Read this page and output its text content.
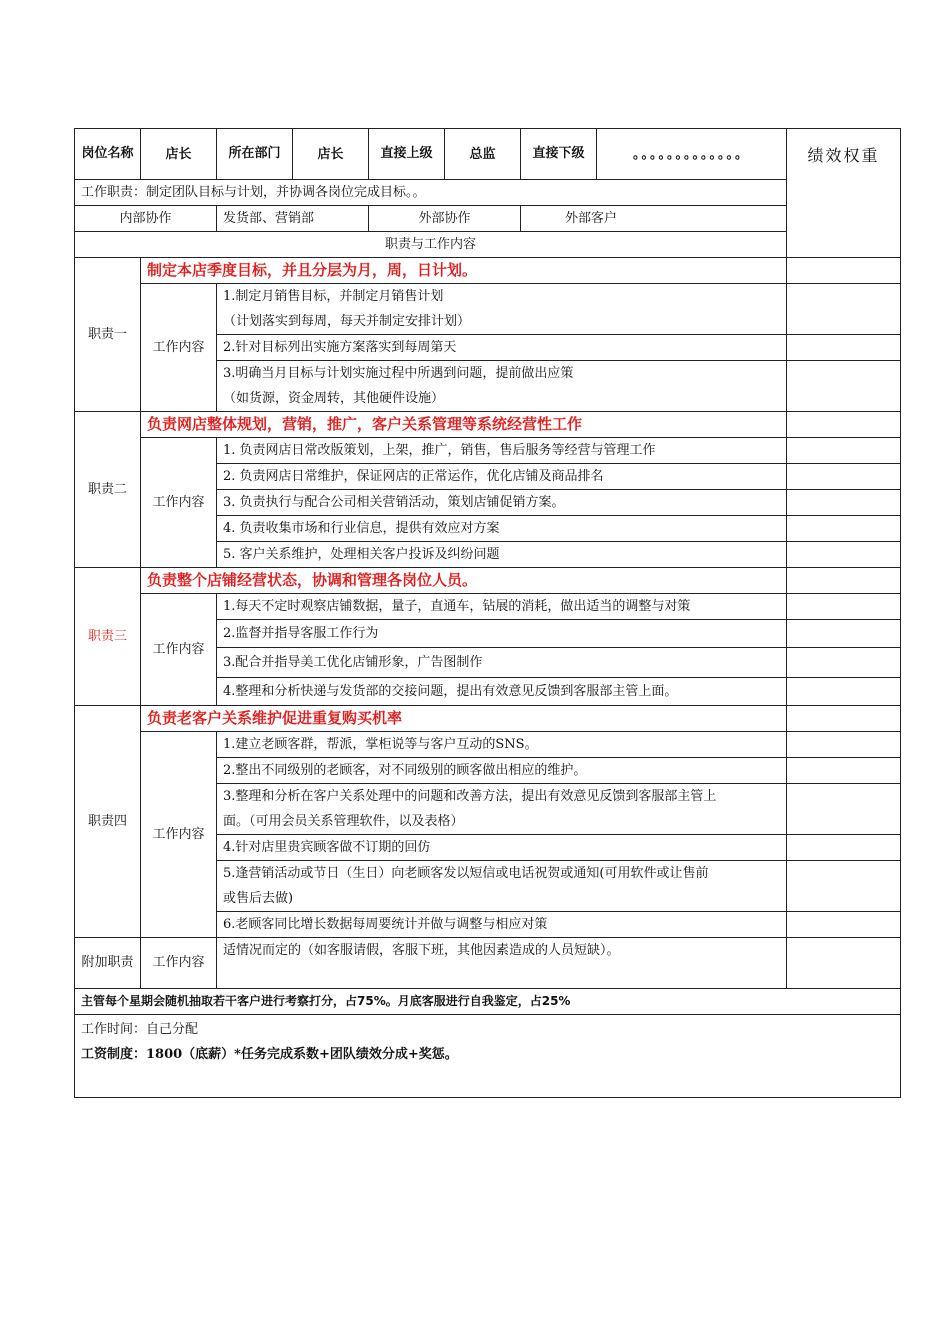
岗位名称	店长	所在部门	店长	直接上级	总监	直接下级	。。。。。。。。。。。。。	绩效权重
工作职责：制定团队目标与计划，并协调各岗位完成目标。。								
内部协作		发货部、营销部		外部协作		外部客户		
职责与工作内容								
职责一	制定本店季度目标，并且分层为月，周，日计划。							
	工作内容	1.制定月销售目标，并制定月销售计划
（计划落实到每周，每天并制定安排计划）						
		2.针对目标列出实施方案落实到每周第天						
		3.明确当月目标与计划实施过程中所遇到问题，提前做出应策
（如货源，资金周转，其他硬件设施）						
职责二	负责网店整体规划，营销，推广，客户关系管理等系统经营性工作							
	工作内容	1. 负责网店日常改版策划，上架，推广，销售，售后服务等经营与管理工作						
		2. 负责网店日常维护，保证网店的正常运作，优化店铺及商品排名						
		3. 负责执行与配合公司相关营销活动，策划店铺促销方案。						
		4. 负责收集市场和行业信息，提供有效应对方案						
		5. 客户关系维护，处理相关客户投诉及纠纷问题						
职责三	负责整个店铺经营状态，协调和管理各岗位人员。							
	工作内容	1.每天不定时观察店铺数据，量子，直通车，钻展的消耗，做出适当的调整与对策						
		2.监督并指导客服工作行为						
		3.配合并指导美工优化店铺形象，广告图制作						
		4.整理和分析快递与发货部的交接问题，提出有效意见反馈到客服部主管上面。						
职责四	负责老客户关系维护促进重复购买机率							
	工作内容	1.建立老顾客群，帮派，掌柜说等与客户互动的SNS。						
		2.整出不同级别的老顾客，对不同级别的顾客做出相应的维护。						
		3.整理和分析在客户关系处理中的问题和改善方法，提出有效意见反馈到客服部主管上
面。（可用会员关系管理软件，以及表格）						
		4.针对店里贵宾顾客做不订期的回仿						
		5.逢营销活动或节日（生日）向老顾客发以短信或电话祝贺或通知(可用软件或让售前
或售后去做)						
		6.老顾客同比增长数据每周要统计并做与调整与相应对策						
附加职责	工作内容	适情况而定的（如客服请假，客服下班，其他因素造成的人员短缺）。						
主管每个星期会随机抽取若干客户进行考察打分，占75%。月底客服进行自我鉴定，占25%								

工作时间：自己分配
工资制度：1800（底薪）*任务完成系数+团队绩效分成+奖惩。								
